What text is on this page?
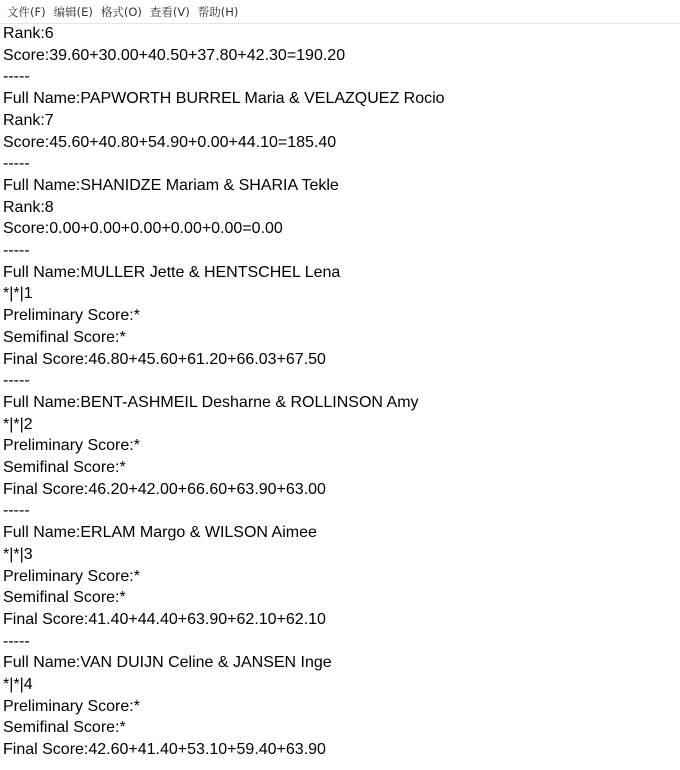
文件(F) 编辑(E) 格式(O) 查看(V) 帮助(H)
Rank:6
Score:39.60+30.00+40.50+37.80+42.30=190.20
-----
Full Name:PAPWORTH BURREL Maria & VELAZQUEZ Rocio
Rank:7
Score:45.60+40.80+54.90+0.00+44.10=185.40
-----
Full Name:SHANIDZE Mariam & SHARIA Tekle
Rank:8
Score:0.00+0.00+0.00+0.00+0.00=0.00
-----
Full Name:MULLER Jette & HENTSCHEL Lena
*|*|1
Preliminary Score:*
Semifinal Score:*
Final Score:46.80+45.60+61.20+66.03+67.50
-----
Full Name:BENT-ASHMEIL Desharne & ROLLINSON Amy
*|*|2
Preliminary Score:*
Semifinal Score:*
Final Score:46.20+42.00+66.60+63.90+63.00
-----
Full Name:ERLAM Margo & WILSON Aimee
*|*|3
Preliminary Score:*
Semifinal Score:*
Final Score:41.40+44.40+63.90+62.10+62.10
-----
Full Name:VAN DUIJN Celine & JANSEN Inge
*|*|4
Preliminary Score:*
Semifinal Score:*
Final Score:42.60+41.40+53.10+59.40+63.90
